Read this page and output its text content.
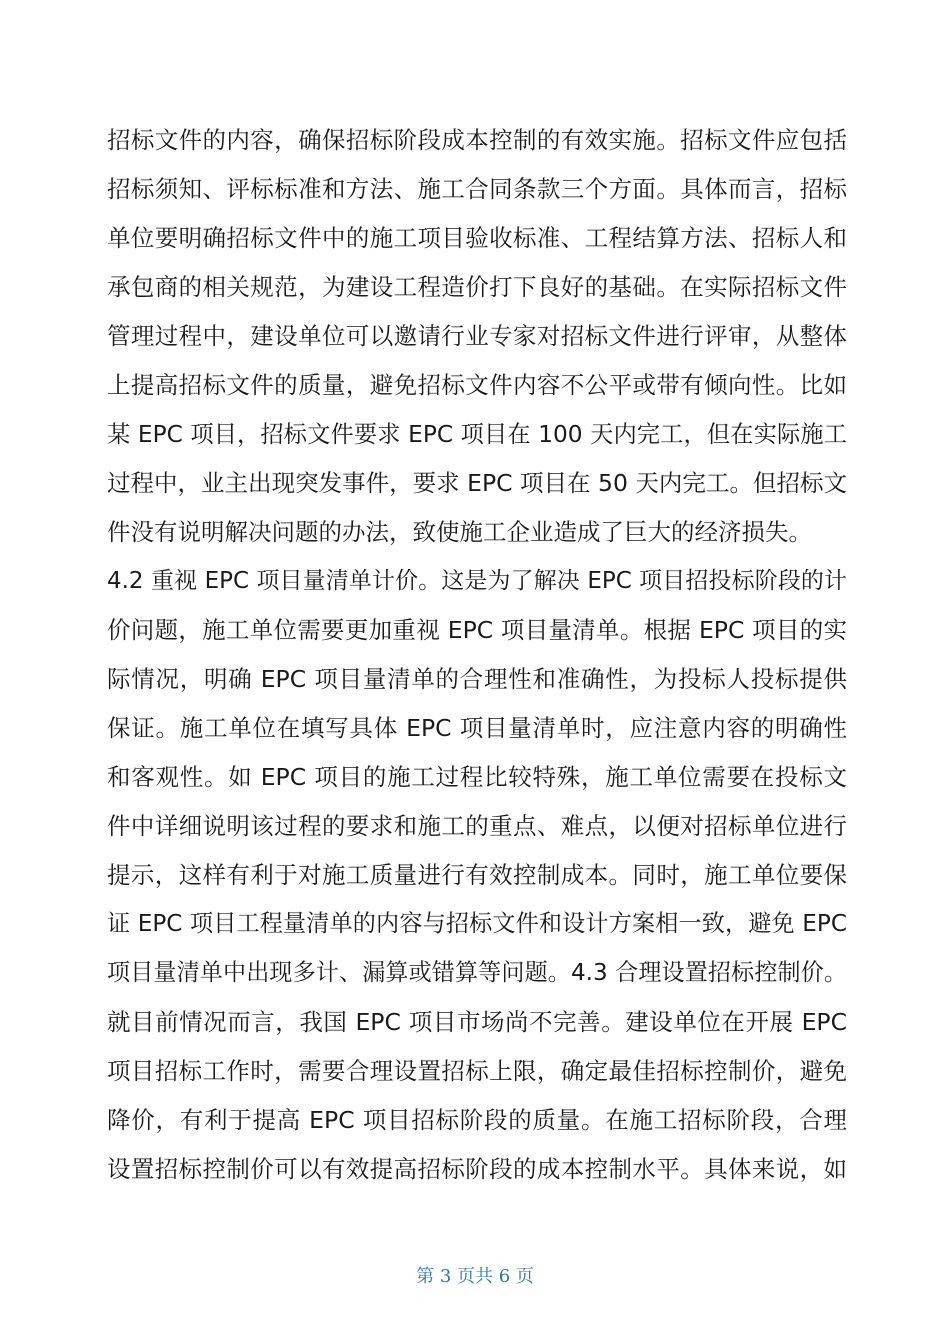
招标文件的内容，确保招标阶段成本控制的有效实施。招标文件应包括
招标须知、评标标准和方法、施工合同条款三个方面。具体而言，招标
单位要明确招标文件中的施工项目验收标准、工程结算方法、招标人和
承包商的相关规范，为建设工程造价打下良好的基础。在实际招标文件
管理过程中，建设单位可以邀请行业专家对招标文件进行评审，从整体
上提高招标文件的质量，避免招标文件内容不公平或带有倾向性。比如
某 EPC 项目，招标文件要求 EPC 项目在 100 天内完工，但在实际施工
过程中，业主出现突发事件，要求 EPC 项目在 50 天内完工。但招标文
件没有说明解决问题的办法，致使施工企业造成了巨大的经济损失。
4.2 重视 EPC 项目量清单计价。这是为了解决 EPC 项目招投标阶段的计
价问题，施工单位需要更加重视 EPC 项目量清单。根据 EPC 项目的实
际情况，明确 EPC 项目量清单的合理性和准确性，为投标人投标提供
保证。施工单位在填写具体 EPC 项目量清单时，应注意内容的明确性
和客观性。如 EPC 项目的施工过程比较特殊，施工单位需要在投标文
件中详细说明该过程的要求和施工的重点、难点，以便对招标单位进行
提示，这样有利于对施工质量进行有效控制成本。同时，施工单位要保
证 EPC 项目工程量清单的内容与招标文件和设计方案相一致，避免 EPC
项目量清单中出现多计、漏算或错算等问题。4.3 合理设置招标控制价。
就目前情况而言，我国 EPC 项目市场尚不完善。建设单位在开展 EPC
项目招标工作时，需要合理设置招标上限，确定最佳招标控制价，避免
降价，有利于提高 EPC 项目招标阶段的质量。在施工招标阶段，合理
设置招标控制价可以有效提高招标阶段的成本控制水平。具体来说，如
第 3 页共 6 页
